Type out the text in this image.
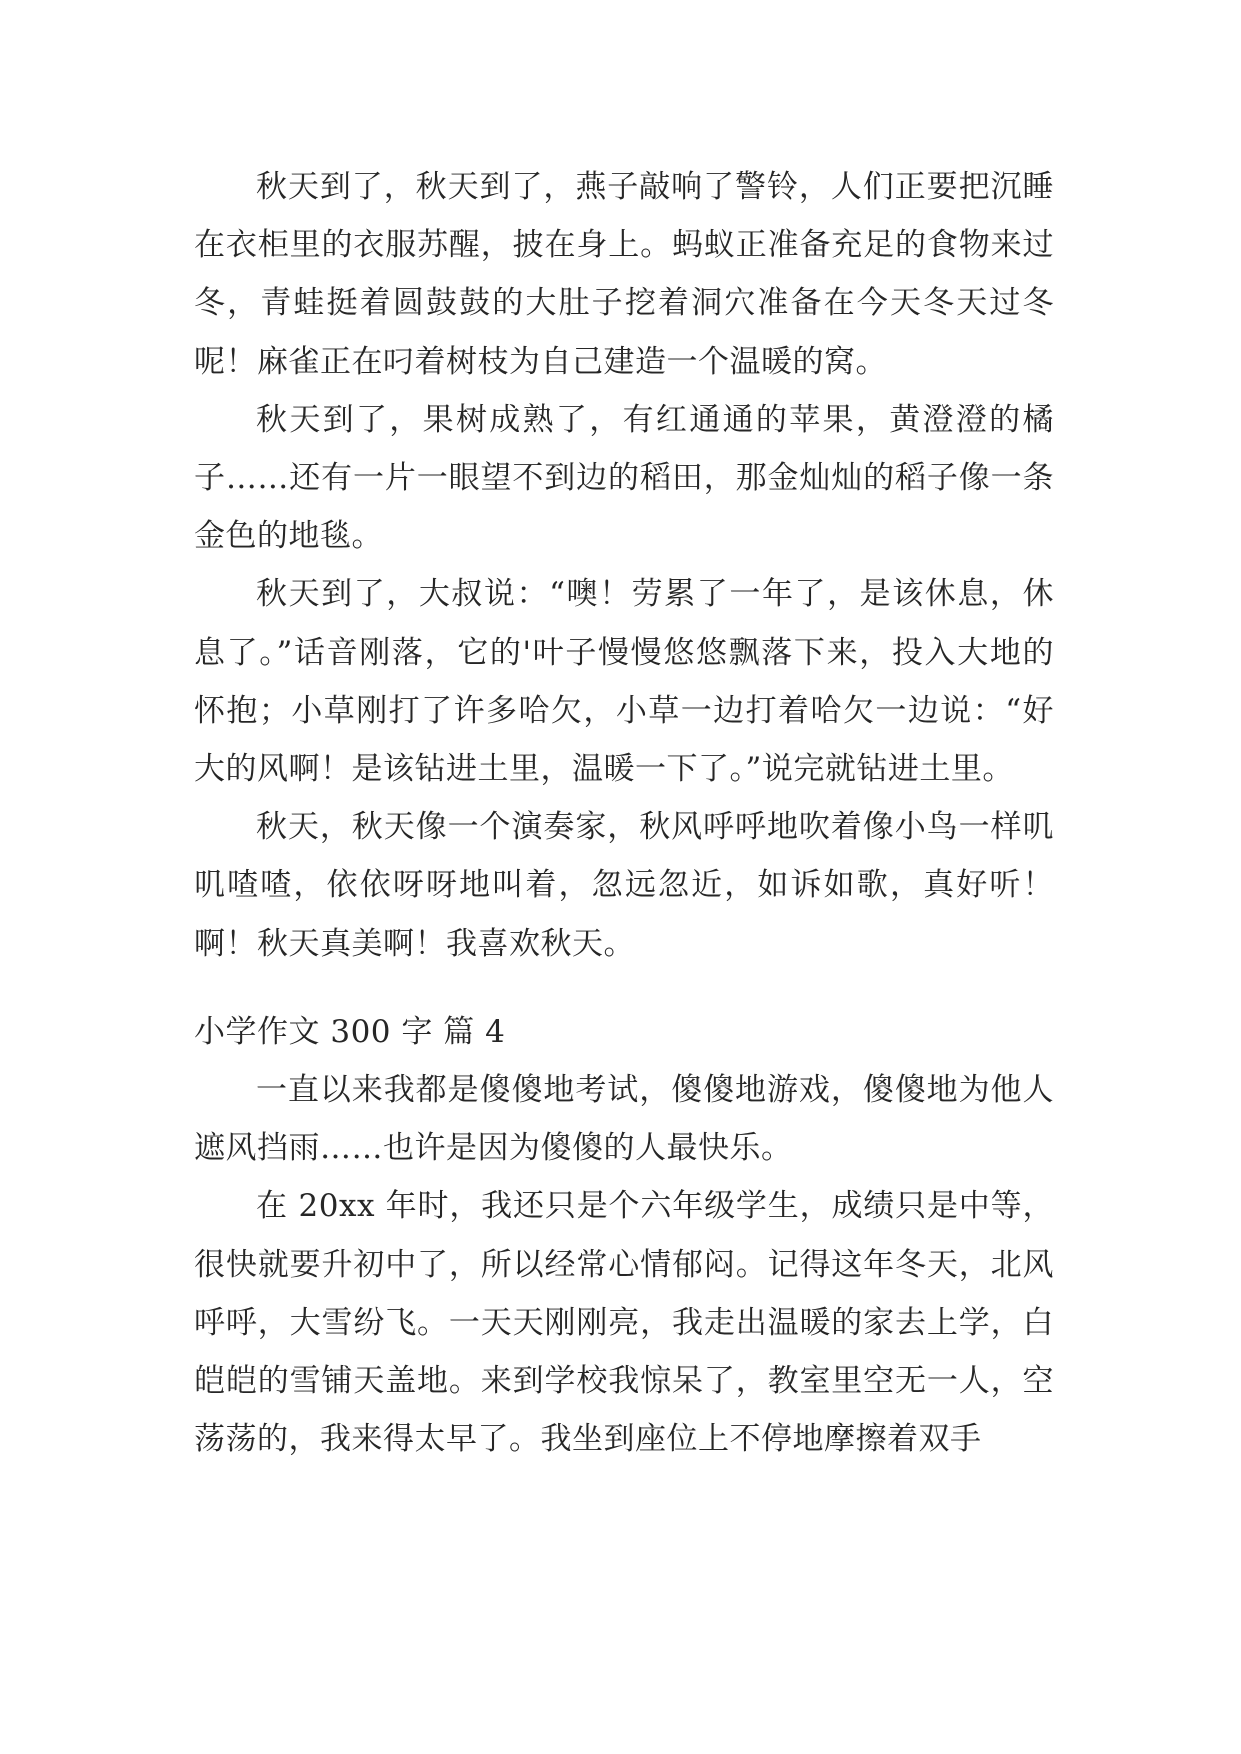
秋天到了，秋天到了，燕子敲响了警铃，人们正要把沉睡在衣柜里的衣服苏醒，披在身上。蚂蚁正准备充足的食物来过冬，青蛙挺着圆鼓鼓的大肚子挖着洞穴准备在今天冬天过冬呢！麻雀正在叼着树枝为自己建造一个温暖的窝。

秋天到了，果树成熟了，有红通通的苹果，黄澄澄的橘子……还有一片一眼望不到边的稻田，那金灿灿的稻子像一条金色的地毯。

秋天到了，大叔说：“噢！劳累了一年了，是该休息，休息了。”话音刚落，它的'叶子慢慢悠悠飘落下来，投入大地的怀抱；小草刚打了许多哈欠，小草一边打着哈欠一边说：“好大的风啊！是该钻进土里，温暖一下了。”说完就钻进土里。

秋天，秋天像一个演奏家，秋风呼呼地吹着像小鸟一样叽叽喳喳，依依呀呀地叫着，忽远忽近，如诉如歌，真好听！啊！秋天真美啊！我喜欢秋天。

小学作文 300 字 篇 4

一直以来我都是傻傻地考试，傻傻地游戏，傻傻地为他人遮风挡雨……也许是因为傻傻的人最快乐。

在 20xx 年时，我还只是个六年级学生，成绩只是中等，很快就要升初中了，所以经常心情郁闷。记得这年冬天，北风呼呼，大雪纷飞。一天天刚刚亮，我走出温暖的家去上学，白皑皑的雪铺天盖地。来到学校我惊呆了，教室里空无一人，空荡荡的，我来得太早了。我坐到座位上不停地摩擦着双手
